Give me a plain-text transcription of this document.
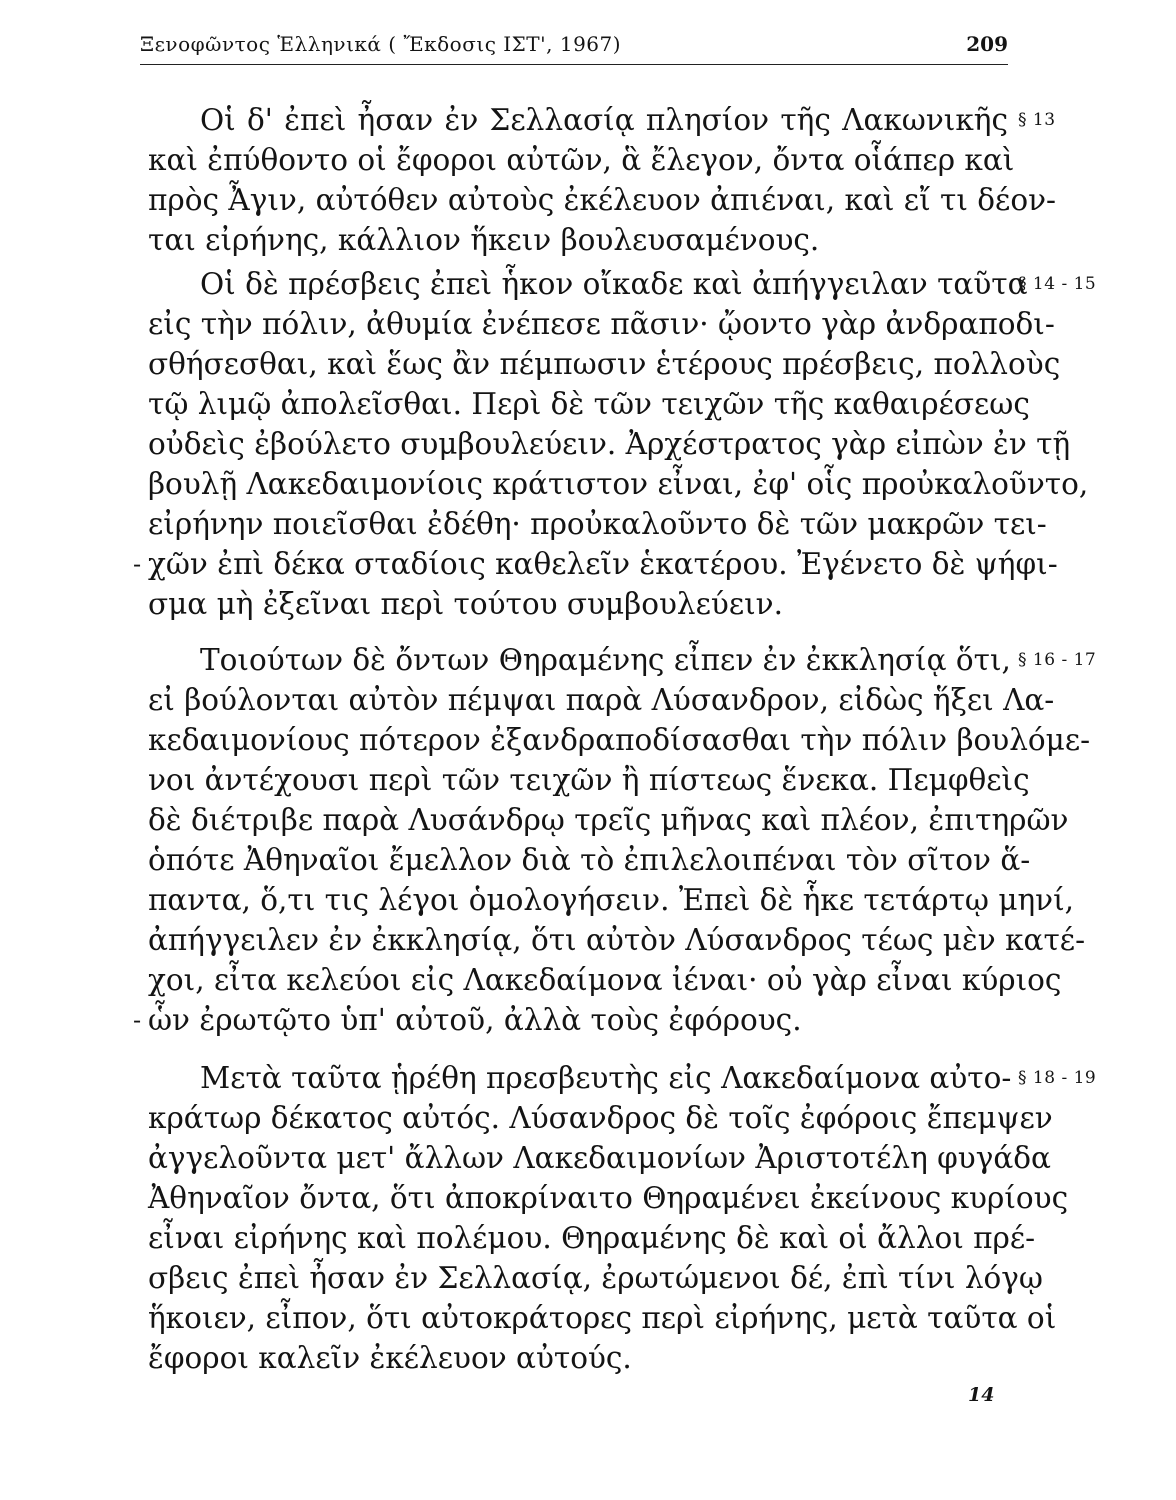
Ξενοφῶντος Ἑλληνικά ( Ἔκδοσις ΙΣΤ', 1967)	209
Οἱ δ' ἐπεὶ ἦσαν ἐν Σελλασίᾳ πλησίον τῆς Λακωνικῆς
καὶ ἐπύθοντο οἱ ἔφοροι αὐτῶν, ἃ ἔλεγον, ὄντα οἷάπερ καὶ
πρὸς Ἆγιν, αὐτόθεν αὐτοὺς ἐκέλευον ἀπιέναι, καὶ εἴ τι δέον-
ται εἰρήνης, κάλλιον ἥκειν βουλευσαμένους.
Οἱ δὲ πρέσβεις ἐπεὶ ἧκον οἴκαδε καὶ ἀπήγγειλαν ταῦτα
εἰς τὴν πόλιν, ἀθυμία ἐνέπεσε πᾶσιν· ᾤοντο γὰρ ἀνδραποδι-
σθήσεσθαι, καὶ ἕως ἂν πέμπωσιν ἑτέρους πρέσβεις, πολλοὺς
τῷ λιμῷ ἀπολεῖσθαι. Περὶ δὲ τῶν τειχῶν τῆς καθαιρέσεως
οὐδεὶς ἐβούλετο συμβουλεύειν. Ἀρχέστρατος γὰρ εἰπὼν ἐν τῇ
βουλῇ Λακεδαιμονίοις κράτιστον εἶναι, ἐφ' οἷς προὐκαλοῦντο,
εἰρήνην ποιεῖσθαι ἐδέθη· προὐκαλοῦντο δὲ τῶν μακρῶν τει-
χῶν ἐπὶ δέκα σταδίοις καθελεῖν ἑκατέρου. Ἐγένετο δὲ ψήφι-
σμα μὴ ἐξεῖναι περὶ τούτου συμβουλεύειν.
Τοιούτων δὲ ὄντων Θηραμένης εἶπεν ἐν ἐκκλησίᾳ ὅτι,
εἰ βούλονται αὐτὸν πέμψαι παρὰ Λύσανδρον, εἰδὼς ἥξει Λα-
κεδαιμονίους πότερον ἐξανδραποδίσασθαι τὴν πόλιν βουλόμε-
νοι ἀντέχουσι περὶ τῶν τειχῶν ἢ πίστεως ἕνεκα. Πεμφθεὶς
δὲ διέτριβε παρὰ Λυσάνδρῳ τρεῖς μῆνας καὶ πλέον, ἐπιτηρῶν
ὁπότε Ἀθηναῖοι ἔμελλον διὰ τὸ ἐπιλελοιπέναι τὸν σῖτον ἅ-
παντα, ὅ,τι τις λέγοι ὁμολογήσειν. Ἐπεὶ δὲ ἧκε τετάρτῳ μηνί,
ἀπήγγειλεν ἐν ἐκκλησίᾳ, ὅτι αὐτὸν Λύσανδρος τέως μὲν κατέ-
χοι, εἶτα κελεύοι εἰς Λακεδαίμονα ἰέναι· οὐ γὰρ εἶναι κύριος
ὧν ἐρωτῷτο ὑπ' αὐτοῦ, ἀλλὰ τοὺς ἐφόρους.
Μετὰ ταῦτα ᾑρέθη πρεσβευτὴς εἰς Λακεδαίμονα αὐτο-
κράτωρ δέκατος αὐτός. Λύσανδρος δὲ τοῖς ἐφόροις ἔπεμψεν
ἀγγελοῦντα μετ' ἄλλων Λακεδαιμονίων Ἀριστοτέλη φυγάδα
Ἀθηναῖον ὄντα, ὅτι ἀποκρίναιτο Θηραμένει ἐκείνους κυρίους
εἶναι εἰρήνης καὶ πολέμου. Θηραμένης δὲ καὶ οἱ ἄλλοι πρέ-
σβεις ἐπεὶ ἦσαν ἐν Σελλασίᾳ, ἐρωτώμενοι δέ, ἐπὶ τίνι λόγῳ
ἥκοιεν, εἶπον, ὅτι αὐτοκράτορες περὶ εἰρήνης, μετὰ ταῦτα οἱ
ἔφοροι καλεῖν ἐκέλευον αὐτούς.
-
-
§ 13
§ 14 - 15
§ 16 - 17
§ 18 - 19
14
